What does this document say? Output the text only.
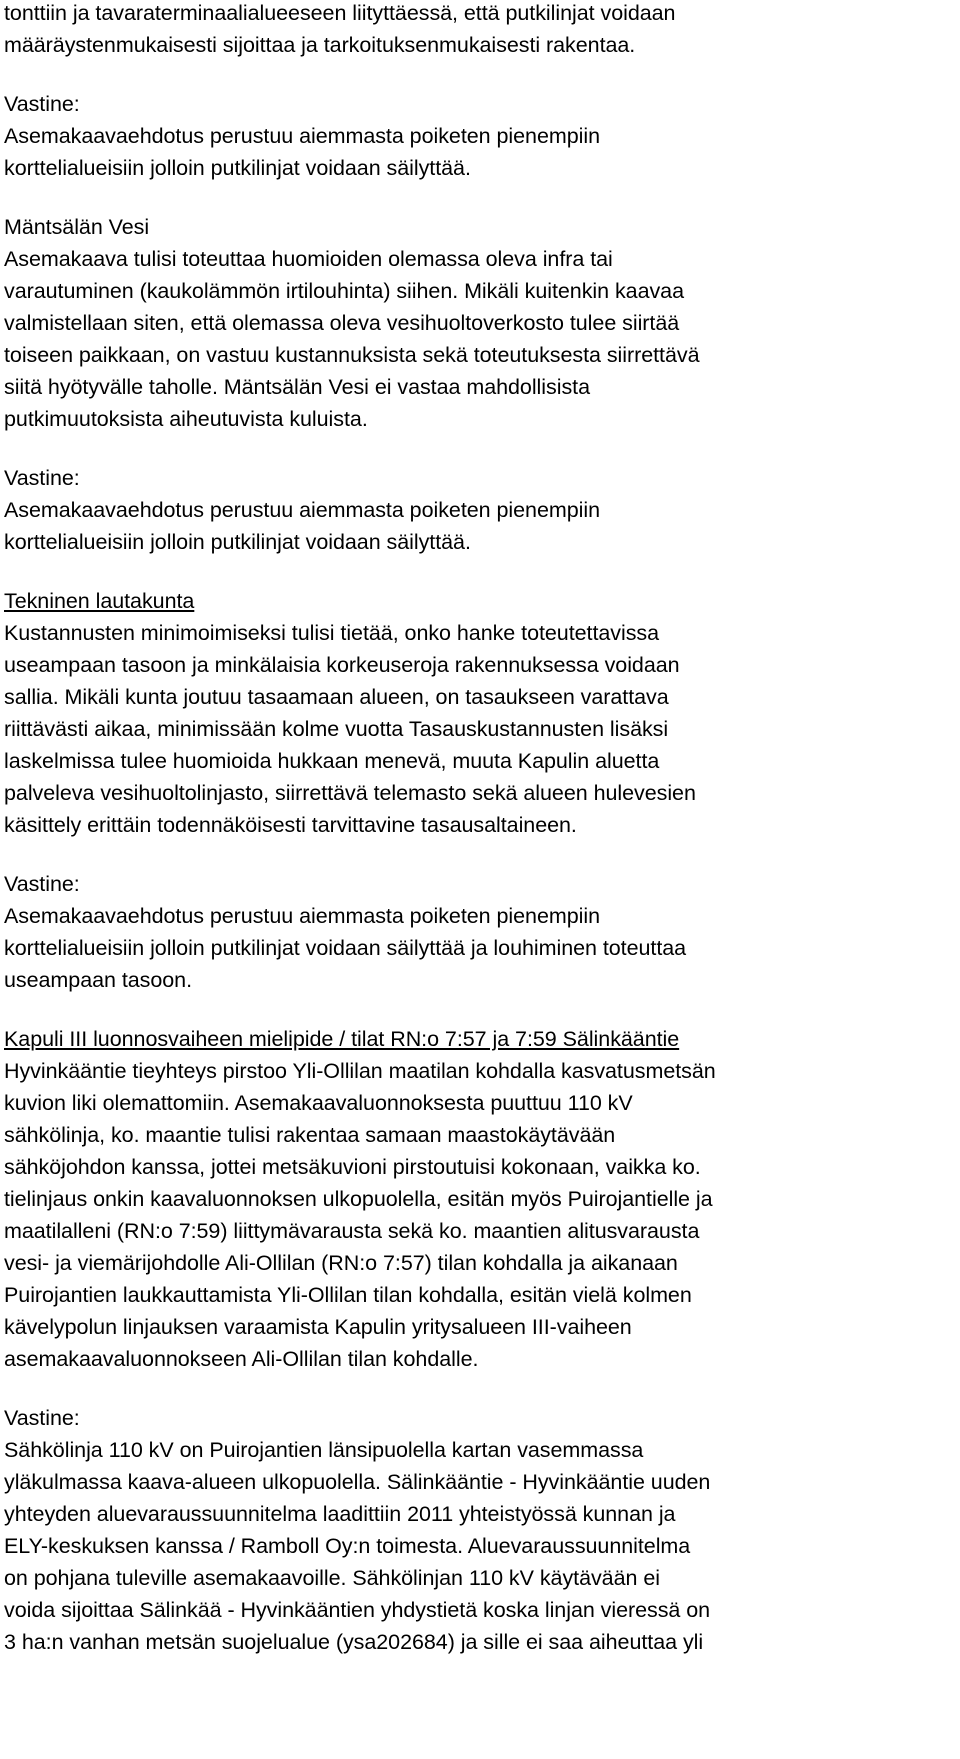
tonttiin ja tavaraterminaalialueeseen liityttäessä, että putkilinjat voidaan
määräystenmukaisesti sijoittaa ja tarkoituksenmukaisesti rakentaa.
Vastine:
Asemakaavaehdotus perustuu aiemmasta poiketen pienempiin
korttelialueisiin jolloin putkilinjat voidaan säilyttää.
Mäntsälän Vesi
Asemakaava tulisi toteuttaa huomioiden olemassa oleva infra tai
varautuminen (kaukolämmön irtilouhinta) siihen. Mikäli kuitenkin kaavaa
valmistellaan siten, että olemassa oleva vesihuoltoverkosto tulee siirtää
toiseen paikkaan, on vastuu kustannuksista sekä toteutuksesta siirrettävä
siitä hyötyvälle taholle. Mäntsälän Vesi ei vastaa mahdollisista
putkimuutoksista aiheutuvista kuluista.
Vastine:
Asemakaavaehdotus perustuu aiemmasta poiketen pienempiin
korttelialueisiin jolloin putkilinjat voidaan säilyttää.
Tekninen lautakunta
Kustannusten minimoimiseksi tulisi tietää, onko hanke toteutettavissa
useampaan tasoon ja minkälaisia korkeuseroja rakennuksessa voidaan
sallia. Mikäli kunta joutuu tasaamaan alueen, on tasaukseen varattava
riittävästi aikaa, minimissään kolme vuotta Tasauskustannusten lisäksi
laskelmissa tulee huomioida hukkaan menevä, muuta Kapulin aluetta
palveleva vesihuoltolinjasto, siirrettävä telemasto sekä alueen hulevesien
käsittely erittäin todennäköisesti tarvittavine tasausaltaineen.
Vastine:
Asemakaavaehdotus perustuu aiemmasta poiketen pienempiin
korttelialueisiin jolloin putkilinjat voidaan säilyttää ja louhiminen toteuttaa
useampaan tasoon.
Kapuli III luonnosvaiheen mielipide / tilat RN:o 7:57 ja 7:59 Sälinkääntie
Hyvinkääntie tieyhteys pirstoo Yli-Ollilan maatilan kohdalla kasvatusmetsän
kuvion liki olemattomiin. Asemakaavaluonnoksesta puuttuu 110 kV
sähkölinja, ko. maantie tulisi rakentaa samaan maastokäytävään
sähköjohdon kanssa, jottei metsäkuvioni pirstoutuisi kokonaan, vaikka ko.
tielinjaus onkin kaavaluonnoksen ulkopuolella, esitän myös Puirojantielle ja
maatilalleni (RN:o 7:59) liittymävarausta sekä ko. maantien alitusvarausta
vesi- ja viemärijohdolle Ali-Ollilan (RN:o 7:57) tilan kohdalla ja aikanaan
Puirojantien laukkauttamista Yli-Ollilan tilan kohdalla, esitän vielä kolmen
kävelypolun linjauksen varaamista Kapulin yritysalueen III-vaiheen
asemakaavaluonnokseen Ali-Ollilan tilan kohdalle.
Vastine:
Sähkölinja 110 kV on Puirojantien länsipuolella kartan vasemmassa
yläkulmassa kaava-alueen ulkopuolella. Sälinkääntie - Hyvinkääntie uuden
yhteyden aluevaraussuunnitelma laadittiin 2011 yhteistyössä kunnan ja
ELY-keskuksen kanssa / Ramboll Oy:n toimesta. Aluevaraussuunnitelma
on pohjana tuleville asemakaavoille. Sähkölinjan 110 kV käytävään ei
voida sijoittaa Sälinkää - Hyvinkääntien yhdystietä koska linjan vieressä on
3 ha:n vanhan metsän suojelualue (ysa202684) ja sille ei saa aiheuttaa yli
